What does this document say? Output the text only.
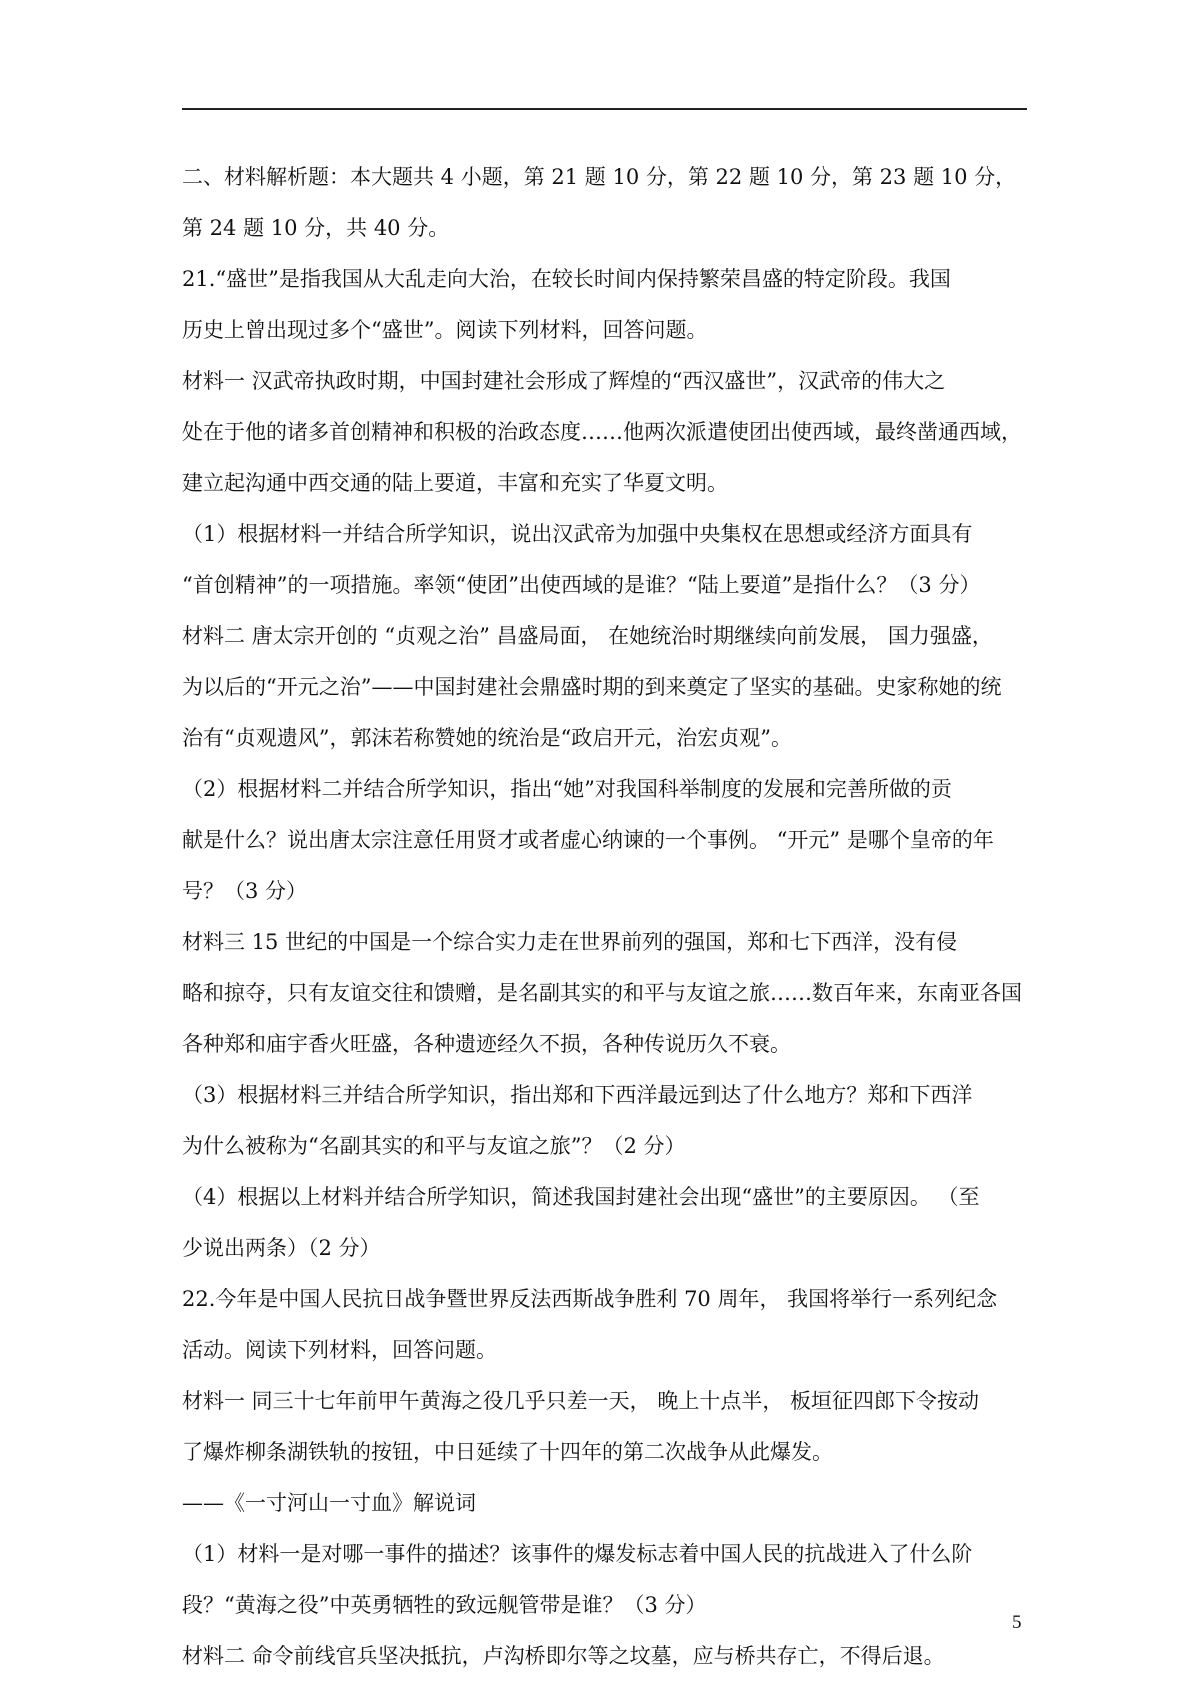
二、材料解析题：本大题共 4 小题，第 21 题 10 分，第 22 题 10 分，第 23 题 10 分，
第 24 题 10 分，共 40 分。
21.“盛世”是指我国从大乱走向大治，在较长时间内保持繁荣昌盛的特定阶段。我国
历史上曾出现过多个“盛世”。阅读下列材料，回答问题。
材料一 汉武帝执政时期，中国封建社会形成了辉煌的“西汉盛世”，汉武帝的伟大之
处在于他的诸多首创精神和积极的治政态度……他两次派遣使团出使西域，最终凿通西域，
建立起沟通中西交通的陆上要道，丰富和充实了华夏文明。
（1）根据材料一并结合所学知识，说出汉武帝为加强中央集权在思想或经济方面具有
“首创精神”的一项措施。率领“使团”出使西域的是谁？“陆上要道”是指什么？（3 分）
材料二 唐太宗开创的 “贞观之治” 昌盛局面， 在她统治时期继续向前发展， 国力强盛，
为以后的“开元之治”——中国封建社会鼎盛时期的到来奠定了坚实的基础。史家称她的统
治有“贞观遗风”，郭沫若称赞她的统治是“政启开元，治宏贞观”。
（2）根据材料二并结合所学知识，指出“她”对我国科举制度的发展和完善所做的贡
献是什么？说出唐太宗注意任用贤才或者虚心纳谏的一个事例。 “开元” 是哪个皇帝的年
号？（3 分）
材料三 15 世纪的中国是一个综合实力走在世界前列的强国，郑和七下西洋，没有侵
略和掠夺，只有友谊交往和馈赠，是名副其实的和平与友谊之旅……数百年来，东南亚各国
各种郑和庙宇香火旺盛，各种遗迹经久不损，各种传说历久不衰。
（3）根据材料三并结合所学知识，指出郑和下西洋最远到达了什么地方？郑和下西洋
为什么被称为“名副其实的和平与友谊之旅”？（2 分）
（4）根据以上材料并结合所学知识，简述我国封建社会出现“盛世”的主要原因。 （至
少说出两条）（2 分）
22.今年是中国人民抗日战争暨世界反法西斯战争胜利 70 周年， 我国将举行一系列纪念
活动。阅读下列材料，回答问题。
材料一 同三十七年前甲午黄海之役几乎只差一天， 晚上十点半， 板垣征四郎下令按动
了爆炸柳条湖铁轨的按钮，中日延续了十四年的第二次战争从此爆发。
——《一寸河山一寸血》解说词
（1）材料一是对哪一事件的描述？该事件的爆发标志着中国人民的抗战进入了什么阶
段？“黄海之役”中英勇牺牲的致远舰管带是谁？（3 分）
材料二 命令前线官兵坚决抵抗，卢沟桥即尔等之坟墓，应与桥共存亡，不得后退。
5
